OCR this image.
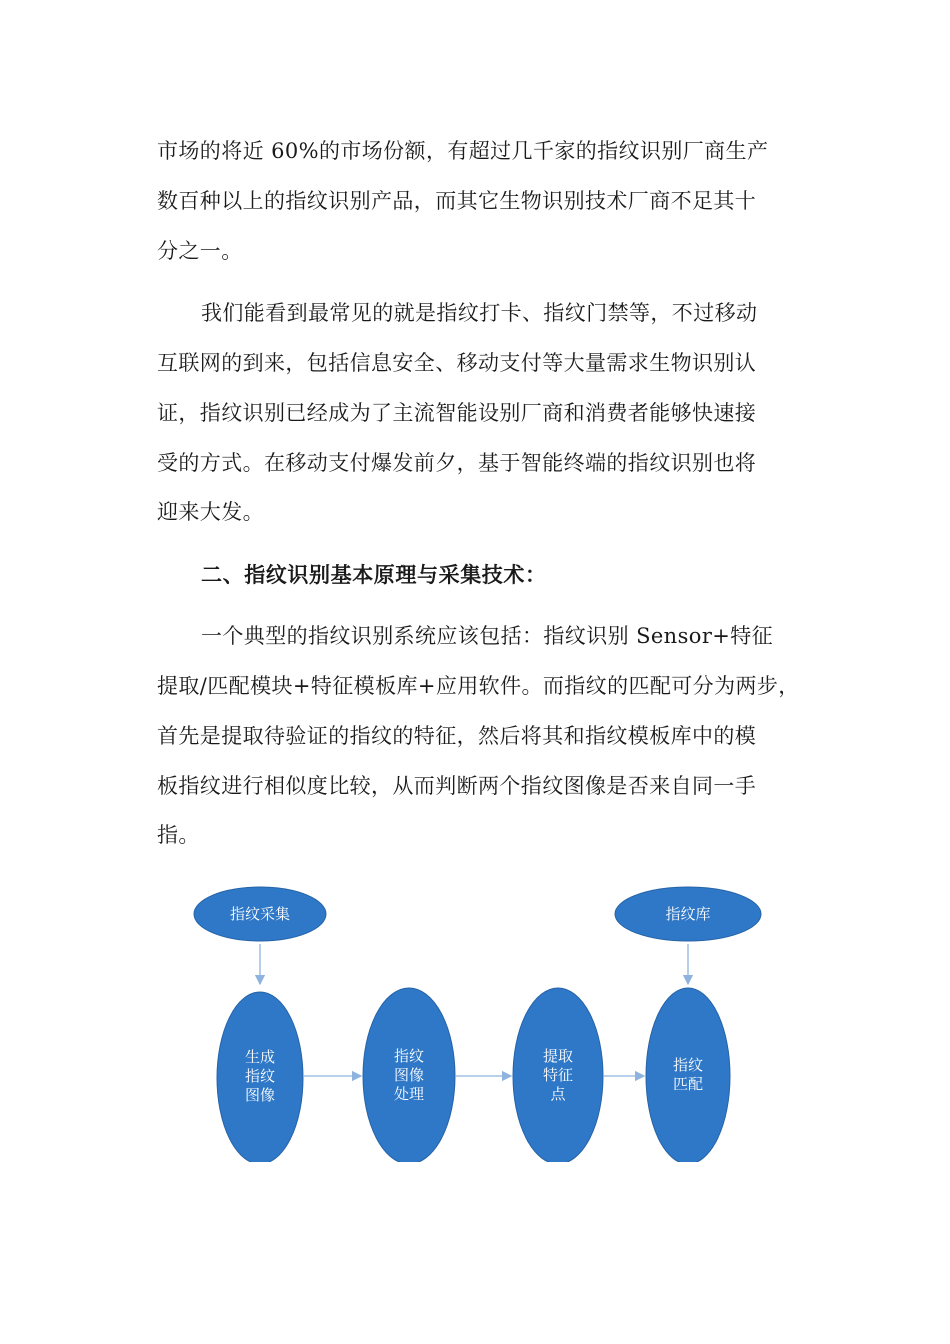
市场的将近 60%的市场份额，有超过几千家的指纹识别厂商生产
数百种以上的指纹识别产品，而其它生物识别技术厂商不足其十
分之一。
我们能看到最常见的就是指纹打卡、指纹门禁等，不过移动
互联网的到来，包括信息安全、移动支付等大量需求生物识别认
证，指纹识别已经成为了主流智能设别厂商和消费者能够快速接
受的方式。在移动支付爆发前夕，基于智能终端的指纹识别也将
迎来大发。
二、指纹识别基本原理与采集技术：
一个典型的指纹识别系统应该包括：指纹识别 Sensor+特征
提取/匹配模块+特征模板库+应用软件。而指纹的匹配可分为两步，
首先是提取待验证的指纹的特征，然后将其和指纹模板库中的模
板指纹进行相似度比较，从而判断两个指纹图像是否来自同一手
指。
指纹采集	指纹库
生成
指纹
图像
指纹
图像
处理
提取
特征
点
指纹
匹配
